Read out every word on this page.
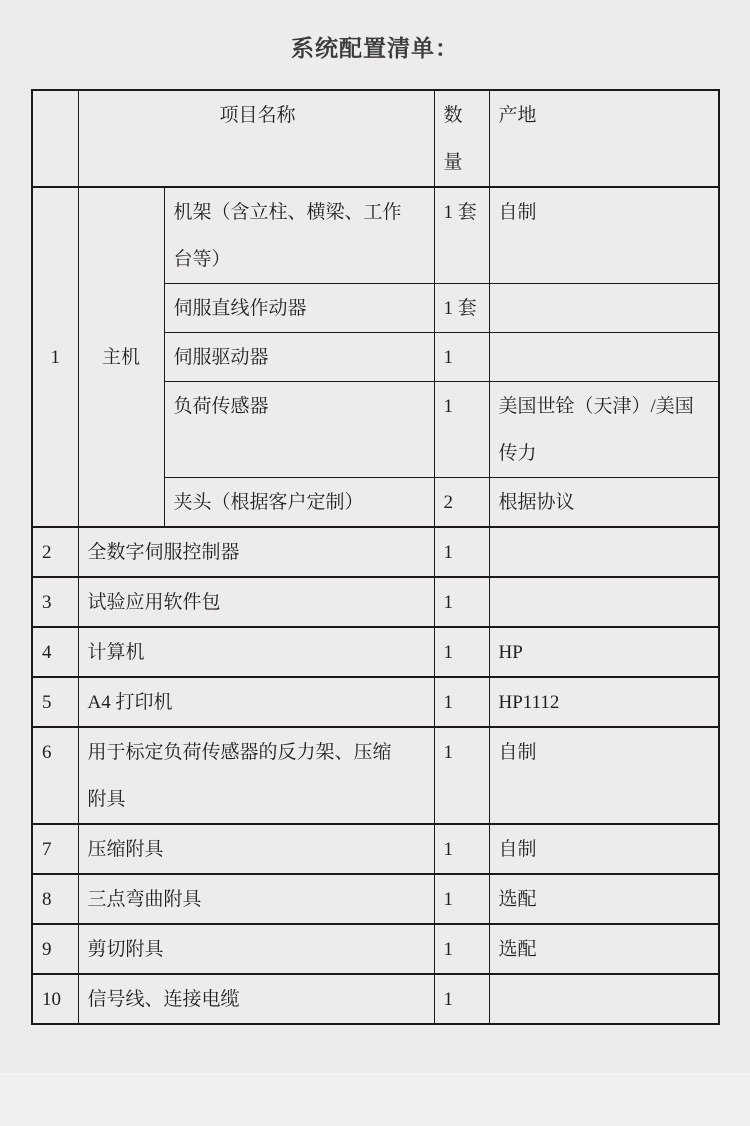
系统配置清单：
	项目名称		数量	产地
1	主机	机架（含立柱、横梁、工作台等）	1 套	自制
		伺服直线作动器	1 套	
		伺服驱动器	1	
		负荷传感器	1	美国世铨（天津）/美国传力
		夹头（根据客户定制）	2	根据协议
2	全数字伺服控制器		1	
3	试验应用软件包		1	
4	计算机		1	HP
5	A4 打印机		1	HP1112
6	用于标定负荷传感器的反力架、压缩附具		1	自制
7	压缩附具		1	自制
8	三点弯曲附具		1	选配
9	剪切附具		1	选配
10	信号线、连接电缆		1	
